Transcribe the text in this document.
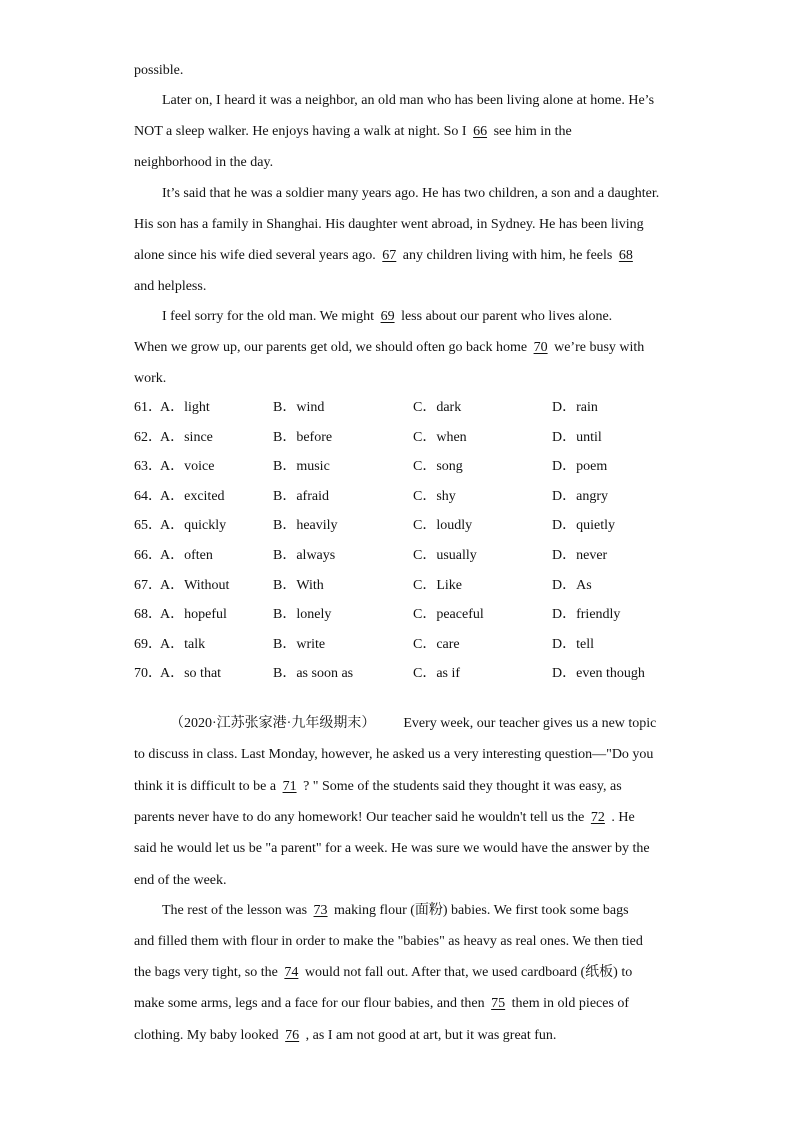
possible.
Later on, I heard it was a neighbor, an old man who has been living alone at home. He’s
NOT a sleep walker. He enjoys having a walk at night. So I 66 see him in the
neighborhood in the day.
It’s said that he was a soldier many years ago. He has two children, a son and a daughter.
His son has a family in Shanghai. His daughter went abroad, in Sydney. He has been living
alone since his wife died several years ago. 67 any children living with him, he feels 68
and helpless.
I feel sorry for the old man. We might 69 less about our parent who lives alone.
When we grow up, our parents get old, we should often go back home 70 we’re busy with
work.
61．
A．light	B．wind	C．dark	D．rain
62．
A．since	B．before	C．when	D．until
63．
A．voice	B．music	C．song	D．poem
64．
A．excited	B．afraid	C．shy	D．angry
65．
A．quickly	B．heavily	C．loudly	D．quietly
66．
A．often	B．always	C．usually	D．never
67．
A．Without	B．With	C．Like	D．As
68．
A．hopeful	B．lonely	C．peaceful	D．friendly
69．
A．talk	B．write	C．care	D．tell
70．
A．so that	B．as soon as	C．as if	D．even though
（2020·江苏张家港·九年级期末） Every week, our teacher gives us a new topic
to discuss in class. Last Monday, however, he asked us a very interesting question—"Do you
think it is difficult to be a 71 ? " Some of the students said they thought it was easy, as
parents never have to do any homework! Our teacher said he wouldn't tell us the 72 . He
said he would let us be "a parent" for a week. He was sure we would have the answer by the
end of the week.
The rest of the lesson was 73 making flour (面粉) babies. We first took some bags
and filled them with flour in order to make the "babies" as heavy as real ones. We then tied
the bags very tight, so the 74 would not fall out. After that, we used cardboard (纸板) to
make some arms, legs and a face for our flour babies, and then 75 them in old pieces of
clothing. My baby looked 76 , as I am not good at art, but it was great fun.
